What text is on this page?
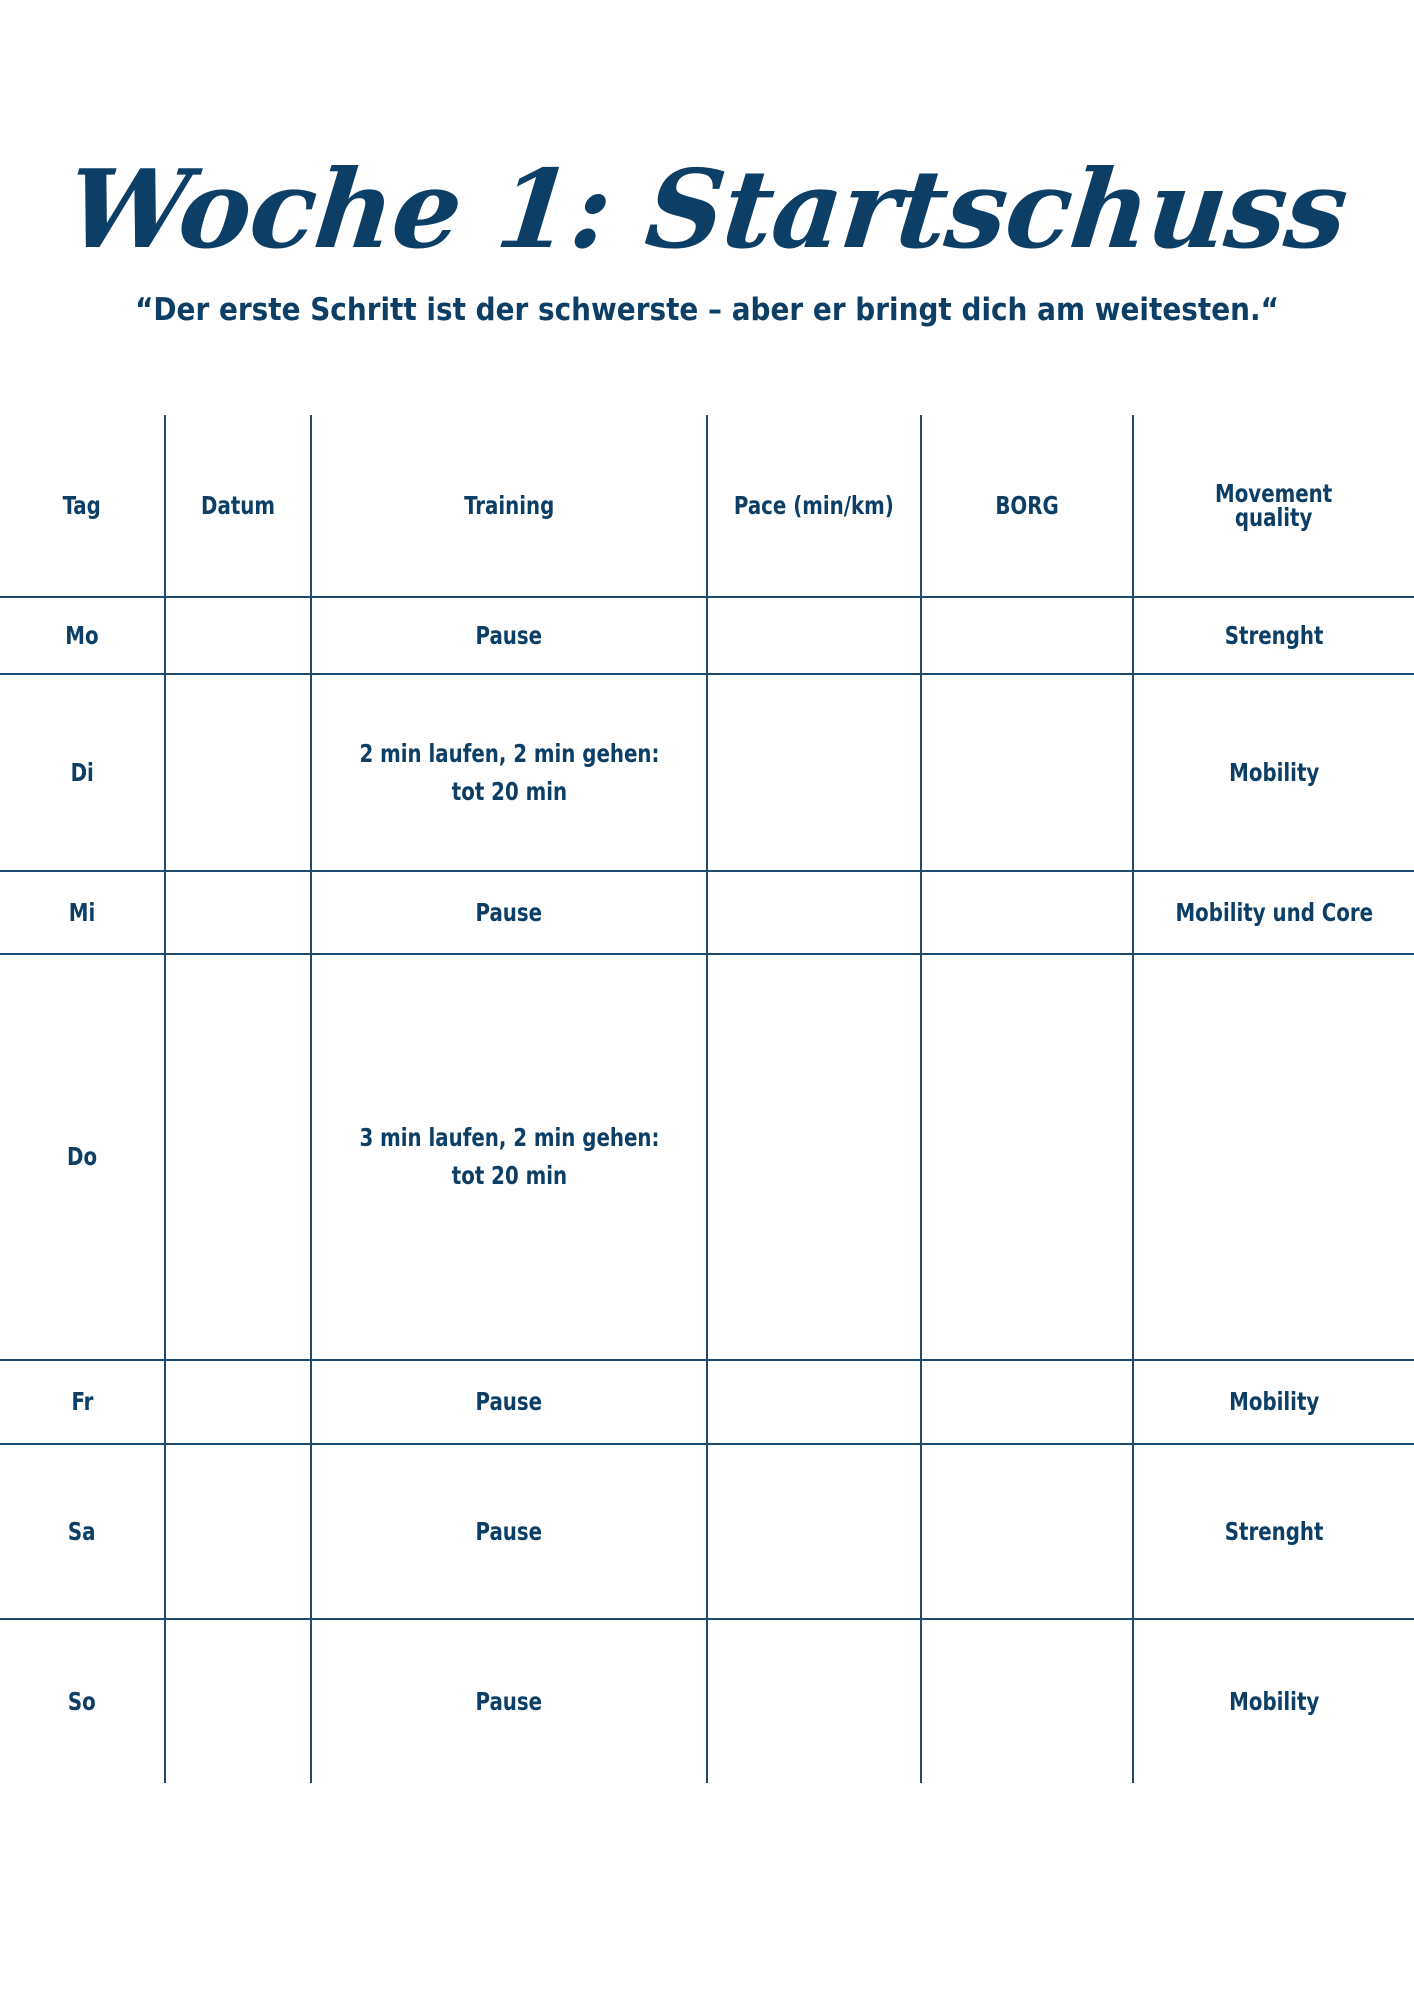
Woche 1: Startschuss
“Der erste Schritt ist der schwerste – aber er bringt dich am weitesten.“
Tag	Datum	Training	Pace (min/km)	BORG	Movement
quality
Mo		Pause			Strenght
Di		2 min laufen, 2 min gehen:
tot 20 min			Mobility
Mi		Pause			Mobility und Core
Do		3 min laufen, 2 min gehen:
tot 20 min			
Fr		Pause			Mobility
Sa		Pause			Strenght
So		Pause			Mobility
